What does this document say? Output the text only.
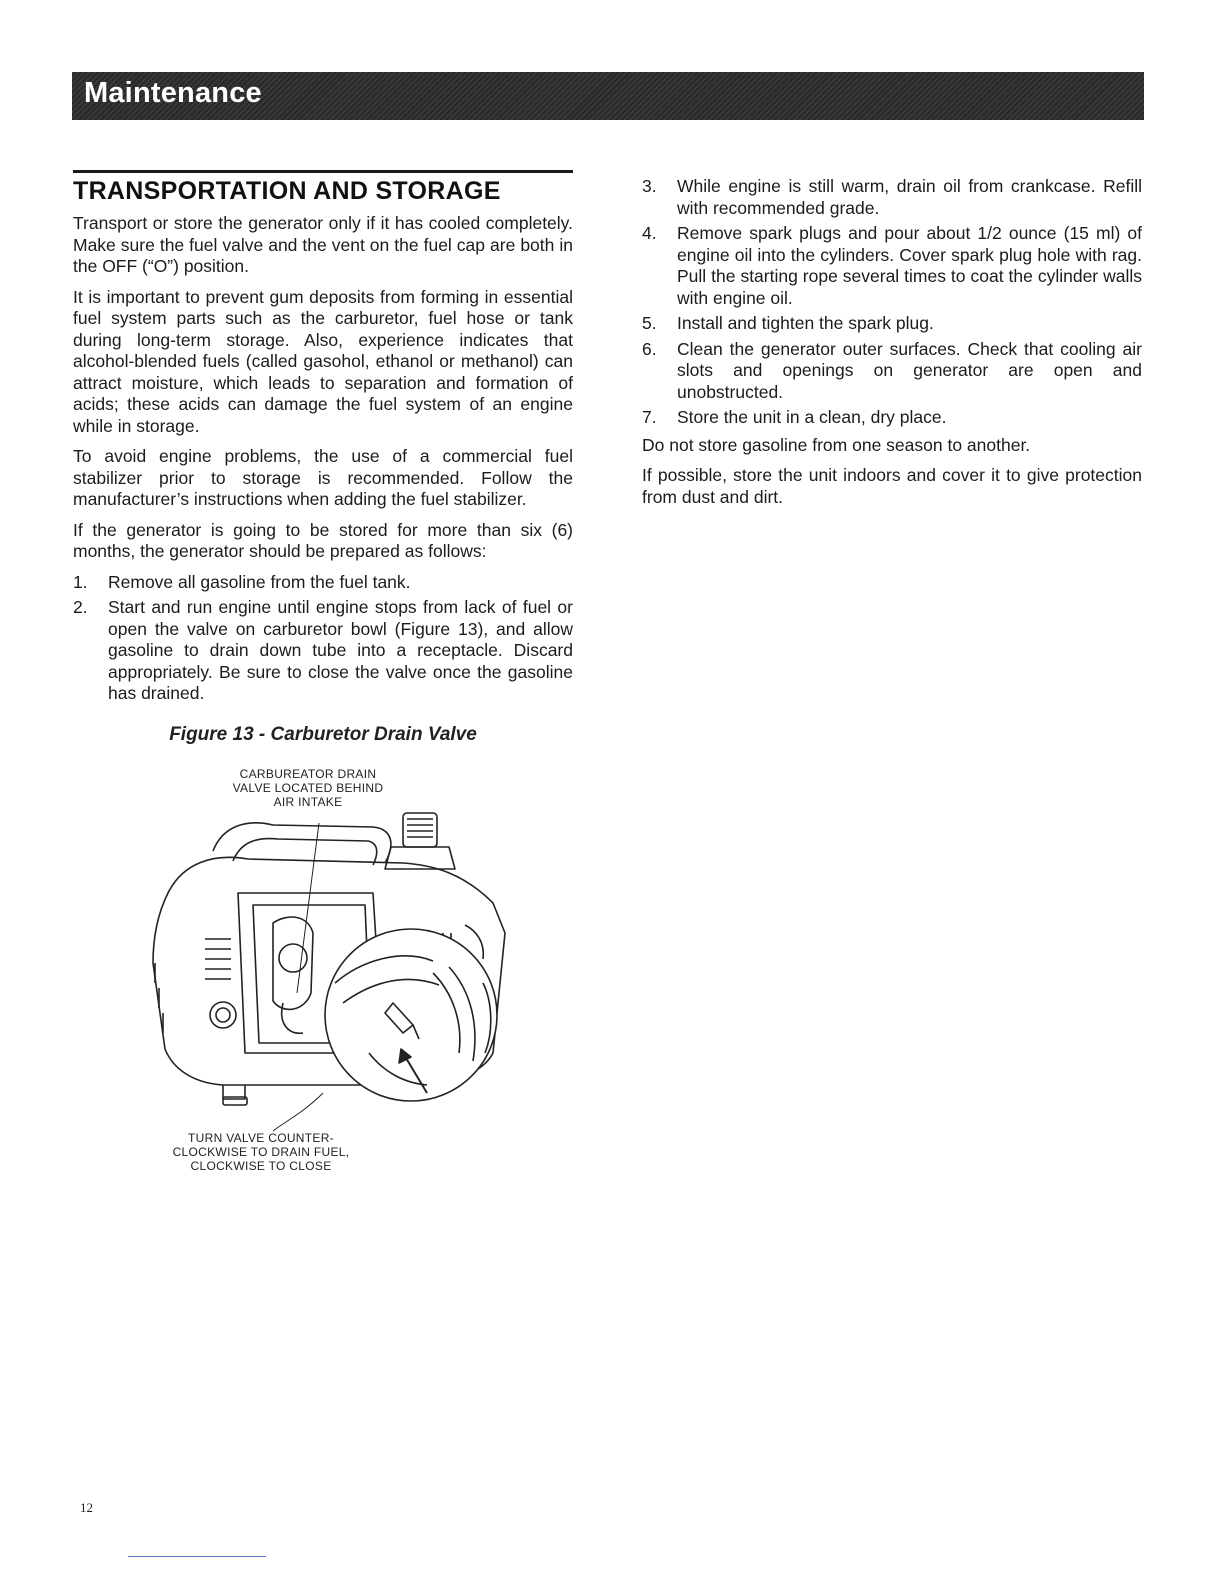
Maintenance
TRANSPORTATION AND STORAGE

Transport or store the generator only if it has cooled completely. Make sure the fuel valve and the vent on the fuel cap are both in the OFF (“O”) position.

It is important to prevent gum deposits from forming in essential fuel system parts such as the carburetor, fuel hose or tank during long-term storage. Also, experience indicates that alcohol-blended fuels (called gasohol, ethanol or methanol) can attract moisture, which leads to separation and formation of acids; these acids can damage the fuel system of an engine while in storage.

To avoid engine problems, the use of a commercial fuel stabilizer prior to storage is recommended. Follow the manufacturer’s instructions when adding the fuel stabilizer.

If the generator is going to be stored for more than six (6) months, the generator should be prepared as follows:

1. Remove all gasoline from the fuel tank.
2. Start and run engine until engine stops from lack of fuel or open the valve on carburetor bowl (Figure 13), and allow gasoline to drain down tube into a receptacle. Discard appropriately. Be sure to close the valve once the gasoline has drained.
Figure 13 - Carburetor Drain Valve
CARBUREATOR DRAIN
VALVE LOCATED BEHIND
AIR INTAKE
TURN VALVE COUNTER-
CLOCKWISE TO DRAIN FUEL,
CLOCKWISE TO CLOSE
3. While engine is still warm, drain oil from crankcase. Refill with recommended grade.
4. Remove spark plugs and pour about 1/2 ounce (15 ml) of engine oil into the cylinders. Cover spark plug hole with rag. Pull the starting rope several times to coat the cylinder walls with engine oil.
5. Install and tighten the spark plug.
6. Clean the generator outer surfaces. Check that cooling air slots and openings on generator are open and unobstructed.
7. Store the unit in a clean, dry place.

Do not store gasoline from one season to another.

If possible, store the unit indoors and cover it to give protection from dust and dirt.

12
